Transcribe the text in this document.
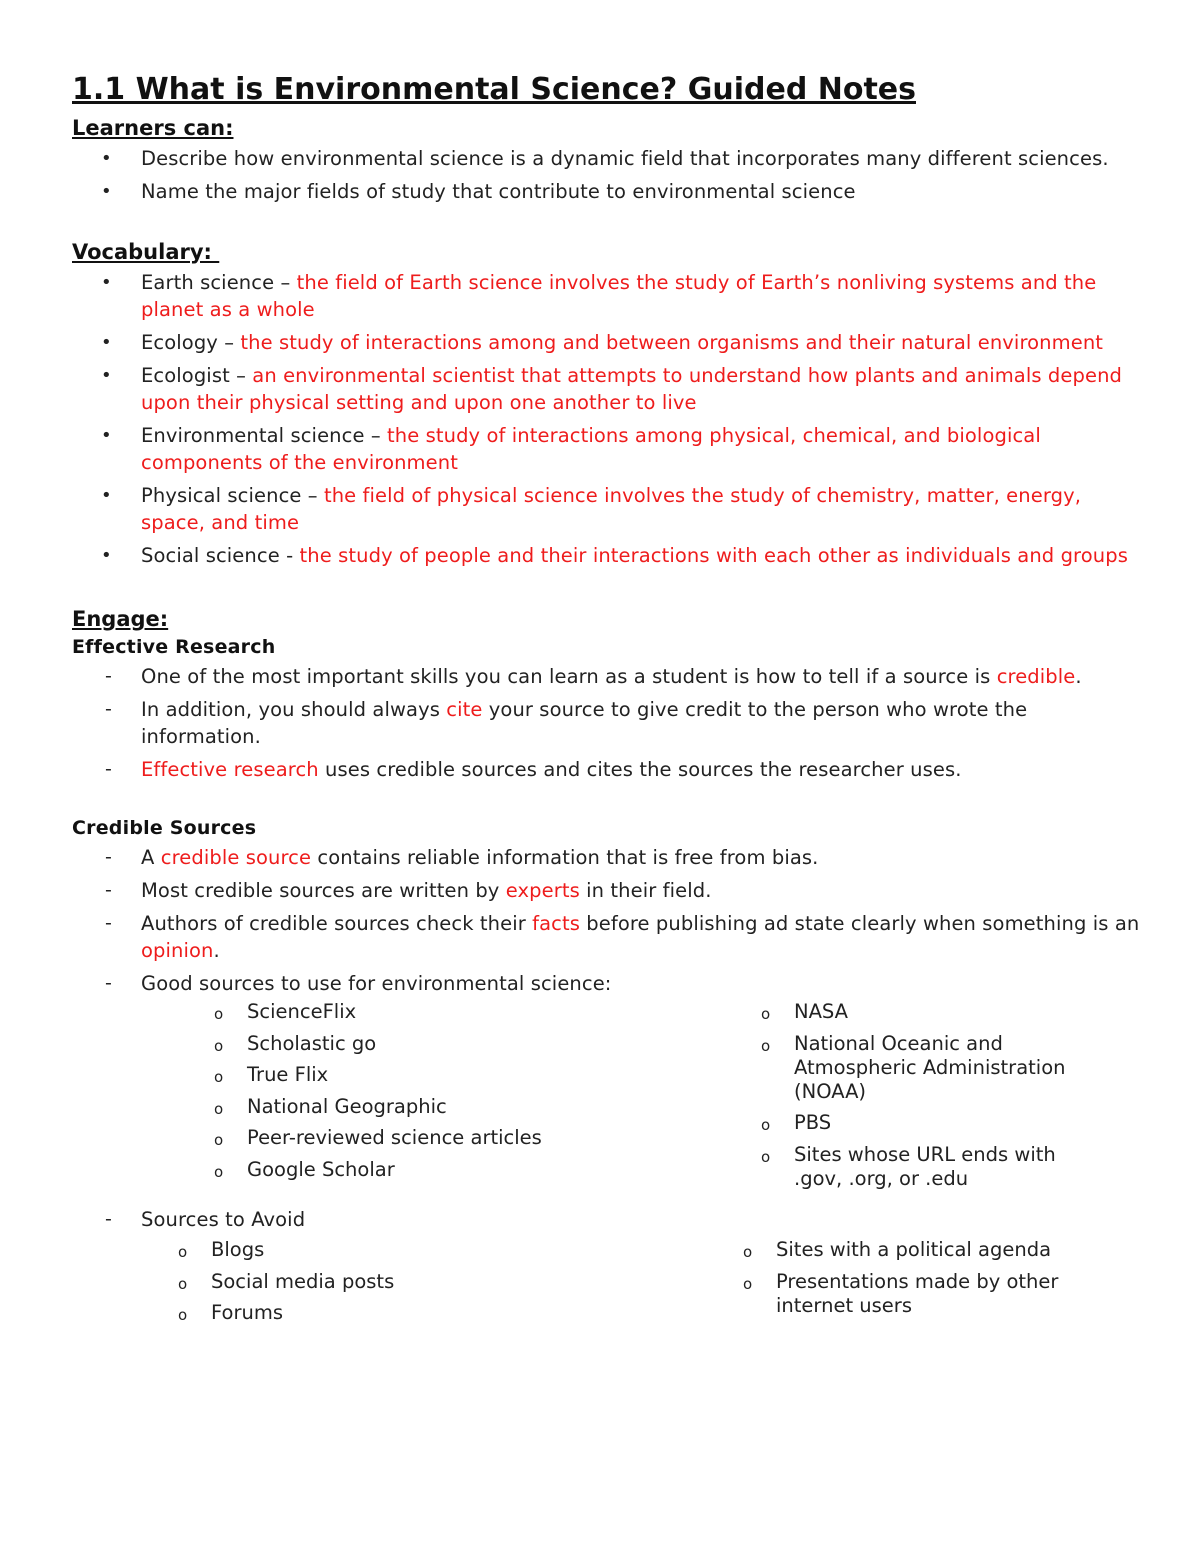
1.1 What is Environmental Science? Guided Notes
Learners can:
• Describe how environmental science is a dynamic field that incorporates many different sciences.
• Name the major fields of study that contribute to environmental science
Vocabulary:
• Earth science – the field of Earth science involves the study of Earth’s nonliving systems and the planet as a whole
• Ecology – the study of interactions among and between organisms and their natural environment
• Ecologist – an environmental scientist that attempts to understand how plants and animals depend upon their physical setting and upon one another to live
• Environmental science – the study of interactions among physical, chemical, and biological components of the environment
• Physical science – the field of physical science involves the study of chemistry, matter, energy, space, and time
• Social science - the study of people and their interactions with each other as individuals and groups
Engage:
Effective Research
- One of the most important skills you can learn as a student is how to tell if a source is credible.
- In addition, you should always cite your source to give credit to the person who wrote the information.
- Effective research uses credible sources and cites the sources the researcher uses.
Credible Sources
- A credible source contains reliable information that is free from bias.
- Most credible sources are written by experts in their field.
- Authors of credible sources check their facts before publishing ad state clearly when something is an opinion.
- Good sources to use for environmental science:
o ScienceFlix
o Scholastic go
o True Flix
o National Geographic
o Peer-reviewed science articles
o Google Scholar
o NASA
o National Oceanic and Atmospheric Administration (NOAA)
o PBS
o Sites whose URL ends with .gov, .org, or .edu
- Sources to Avoid
o Blogs
o Social media posts
o Forums
o Sites with a political agenda
o Presentations made by other internet users
